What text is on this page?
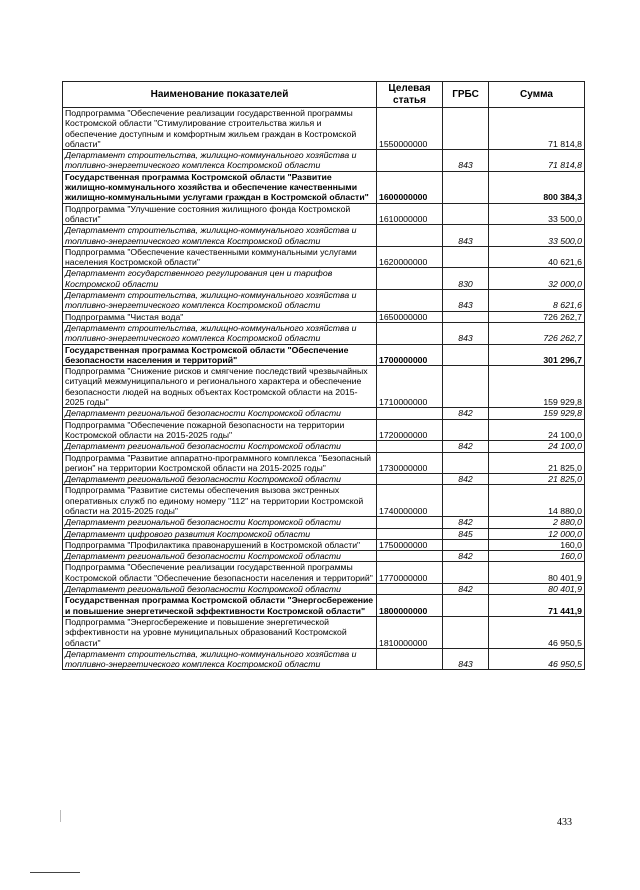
Наименование показателей	Целевая статья	ГРБС	Сумма
Подпрограмма "Обеспечение реализации государственной программы Костромской области "Стимулирование строительства жилья и обеспечение доступным и комфортным жильем граждан в Костромской области"	1550000000		71 814,8
Департамент строительства, жилищно-коммунального хозяйства и топливно-энергетического комплекса Костромской области		843	71 814,8
Государственная программа Костромской области "Развитие жилищно-коммунального хозяйства и обеспечение качественными жилищно-коммунальными услугами граждан в Костромской области"	1600000000		800 384,3
Подпрограмма "Улучшение состояния жилищного фонда Костромской области"	1610000000		33 500,0
Департамент строительства, жилищно-коммунального хозяйства и топливно-энергетического комплекса Костромской области		843	33 500,0
Подпрограмма "Обеспечение качественными коммунальными услугами населения Костромской области"	1620000000		40 621,6
Департамент государственного регулирования цен и тарифов Костромской области		830	32 000,0
Департамент строительства, жилищно-коммунального хозяйства и топливно-энергетического комплекса Костромской области		843	8 621,6
Подпрограмма "Чистая вода"	1650000000		726 262,7
Департамент строительства, жилищно-коммунального хозяйства и топливно-энергетического комплекса Костромской области		843	726 262,7
Государственная программа Костромской области "Обеспечение безопасности населения и территорий"	1700000000		301 296,7
Подпрограмма "Снижение рисков и смягчение последствий чрезвычайных ситуаций межмуниципального и регионального характера и обеспечение безопасности людей на водных объектах Костромской области на 2015-2025 годы"	1710000000		159 929,8
Департамент региональной безопасности Костромской области		842	159 929,8
Подпрограмма "Обеспечение пожарной безопасности на территории Костромской области на 2015-2025 годы"	1720000000		24 100,0
Департамент региональной безопасности Костромской области		842	24 100,0
Подпрограмма "Развитие аппаратно-программного комплекса "Безопасный регион" на территории Костромской области на 2015-2025 годы"	1730000000		21 825,0
Департамент региональной безопасности Костромской области		842	21 825,0
Подпрограмма "Развитие системы обеспечения вызова экстренных оперативных служб по единому номеру "112" на территории Костромской области на 2015-2025 годы"	1740000000		14 880,0
Департамент региональной безопасности Костромской области		842	2 880,0
Департамент цифрового развития Костромской области		845	12 000,0
Подпрограмма "Профилактика правонарушений в Костромской области"	1750000000		160,0
Департамент региональной безопасности Костромской области		842	160,0
Подпрограмма "Обеспечение реализации государственной программы Костромской области "Обеспечение безопасности населения и территорий"	1770000000		80 401,9
Департамент региональной безопасности Костромской области		842	80 401,9
Государственная программа Костромской области "Энергосбережение и повышение энергетической эффективности Костромской области"	1800000000		71 441,9
Подпрограмма "Энергосбережение и повышение энергетической эффективности на уровне муниципальных образований Костромской области"	1810000000		46 950,5
Департамент строительства, жилищно-коммунального хозяйства и топливно-энергетического комплекса Костромской области		843	46 950,5
433
